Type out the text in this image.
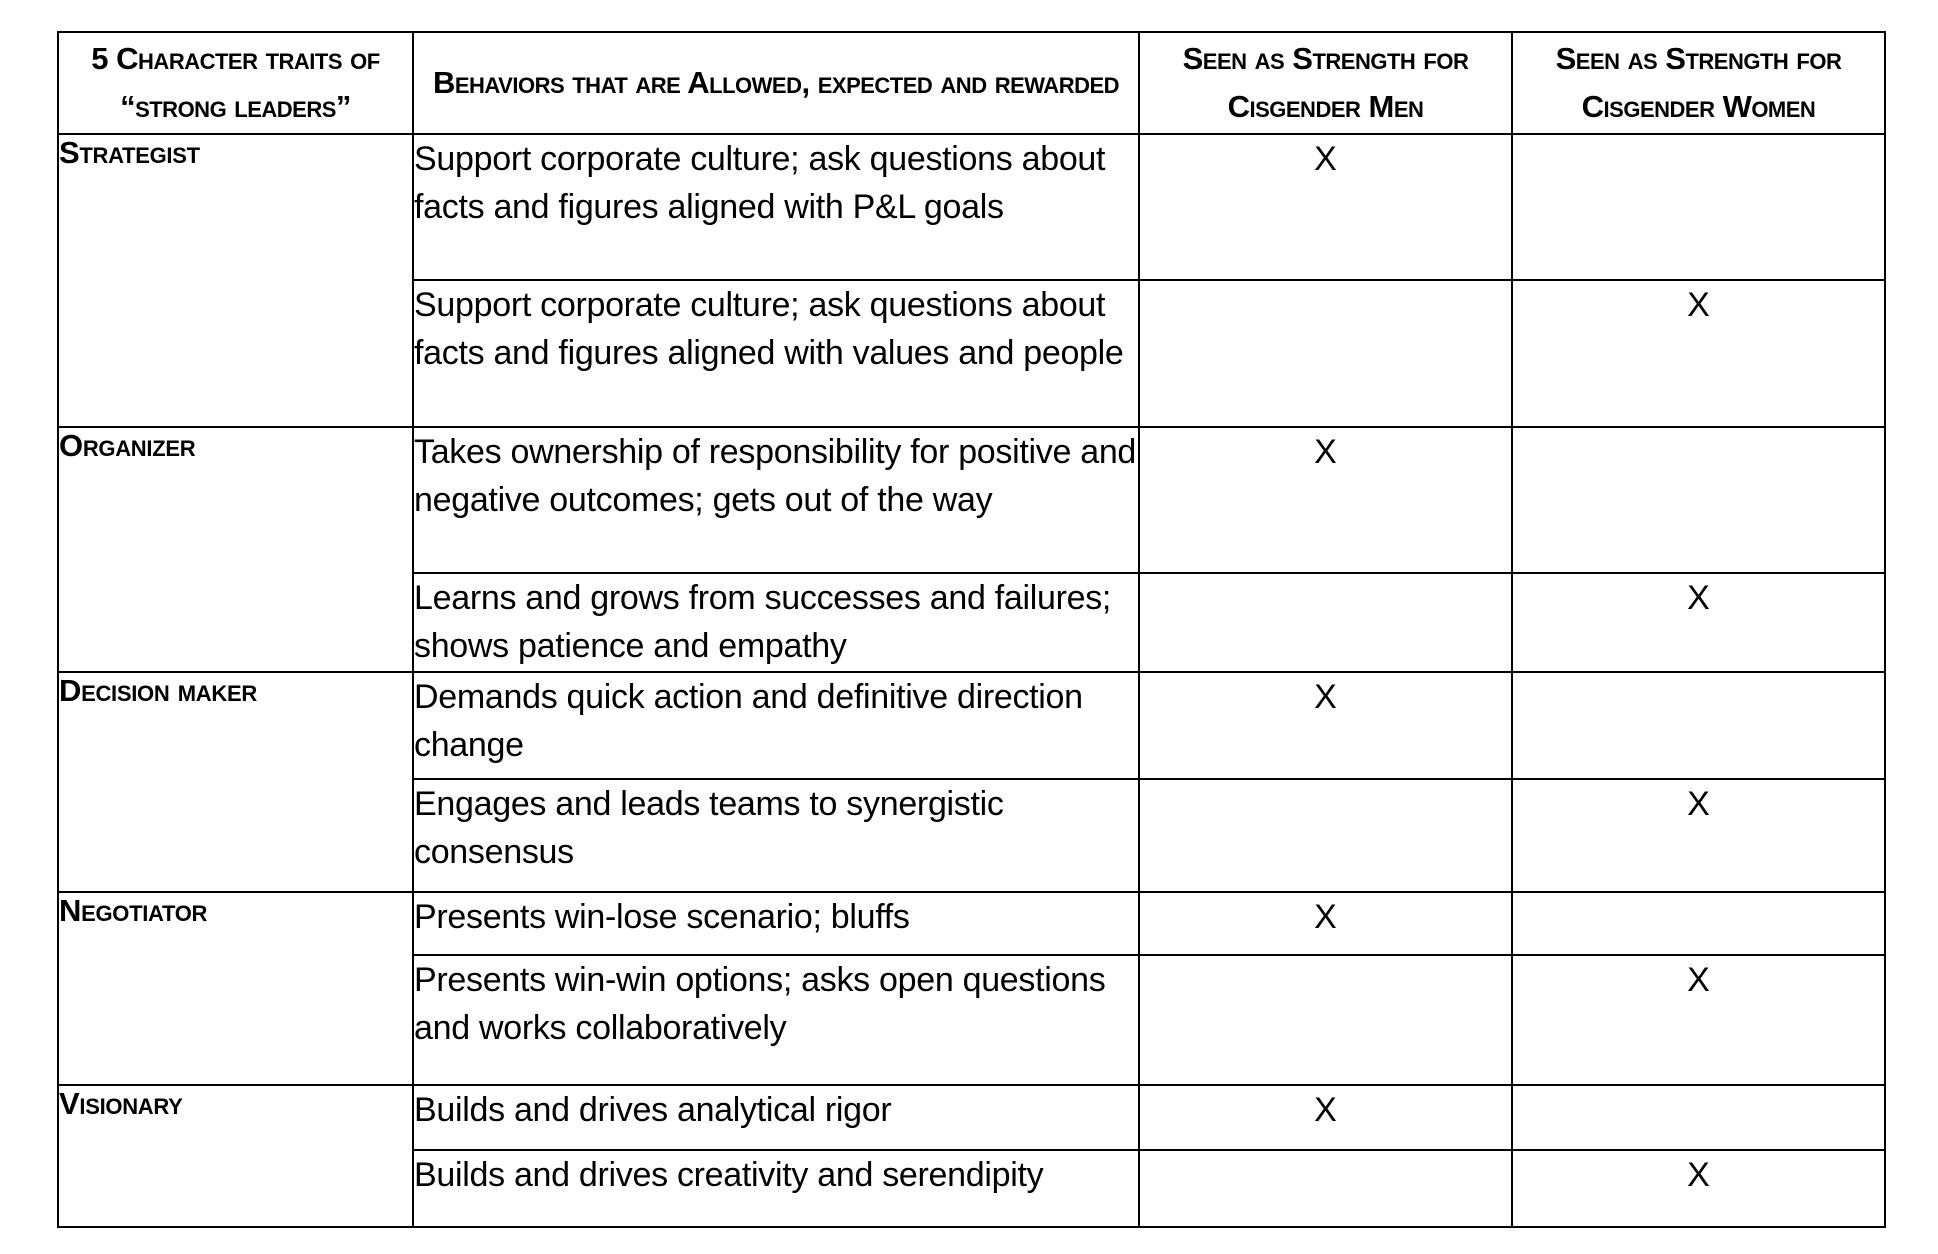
5 Character traits of “strong leaders”	Behaviors that are Allowed, expected and rewarded	Seen as Strength for Cisgender Men	Seen as Strength for Cisgender Women
Strategist	Support corporate culture; ask questions about facts and figures aligned with P&L goals	X	
	Support corporate culture; ask questions about facts and figures aligned with values and people		X
Organizer	Takes ownership of responsibility for positive and negative outcomes; gets out of the way	X	
	Learns and grows from successes and failures; shows patience and empathy		X
Decision maker	Demands quick action and definitive direction change	X	
	Engages and leads teams to synergistic consensus		X
Negotiator	Presents win-lose scenario; bluffs	X	
	Presents win-win options; asks open questions and works collaboratively		X
Visionary	Builds and drives analytical rigor	X	
	Builds and drives creativity and serendipity		X
